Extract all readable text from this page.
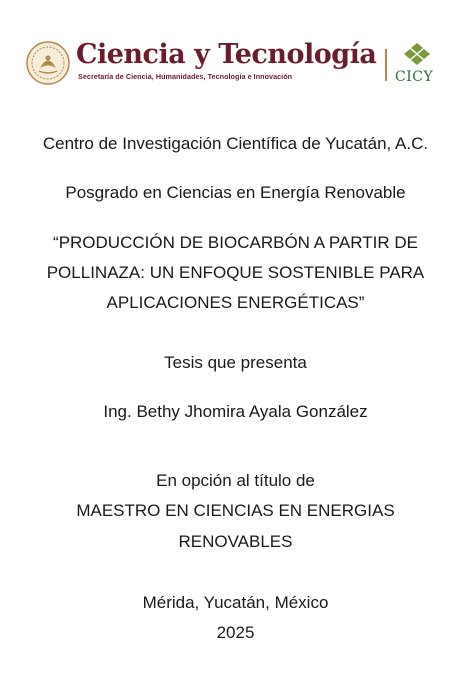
Ciencia y Tecnología
Secretaría de Ciencia, Humanidades, Tecnología e Innovación	CICY
Centro de Investigación Científica de Yucatán, A.C.
Posgrado en Ciencias en Energía Renovable
“PRODUCCIÓN DE BIOCARBÓN A PARTIR DE
POLLINAZA: UN ENFOQUE SOSTENIBLE PARA
APLICACIONES ENERGÉTICAS”
Tesis que presenta
Ing. Bethy Jhomira Ayala González
En opción al título de
MAESTRO EN CIENCIAS EN ENERGIAS
RENOVABLES
Mérida, Yucatán, México
2025
